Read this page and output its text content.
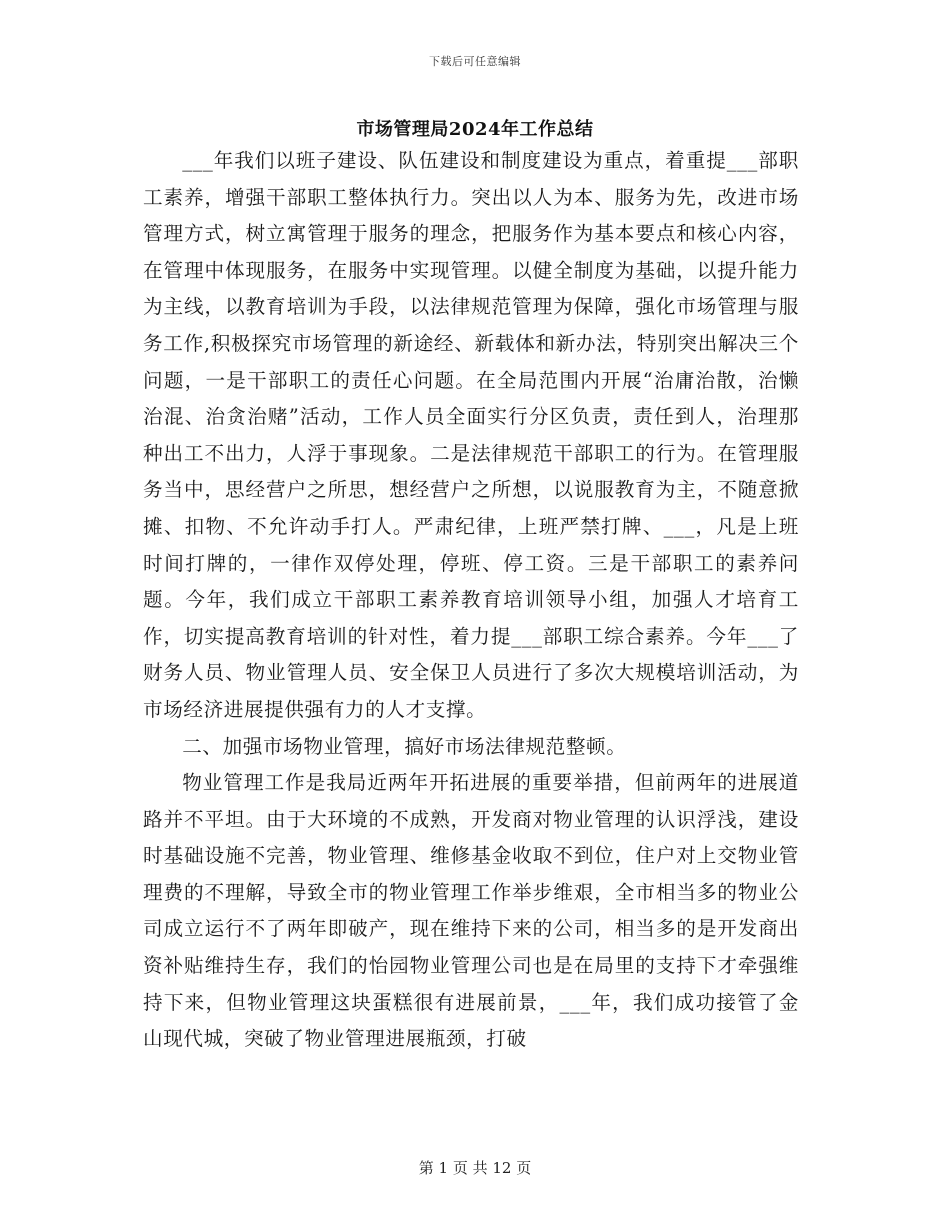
下载后可任意编辑
市场管理局2024年工作总结

___年我们以班子建设、队伍建设和制度建设为重点，着重提___部职工素养，增强干部职工整体执行力。突出以人为本、服务为先，改进市场管理方式，树立寓管理于服务的理念，把服务作为基本要点和核心内容，在管理中体现服务，在服务中实现管理。以健全制度为基础，以提升能力为主线，以教育培训为手段，以法律规范管理为保障，强化市场管理与服务工作,积极探究市场管理的新途经、新载体和新办法，特别突出解决三个问题，一是干部职工的责任心问题。在全局范围内开展“治庸治散，治懒治混、治贪治赌”活动，工作人员全面实行分区负责，责任到人，治理那种出工不出力，人浮于事现象。二是法律规范干部职工的行为。在管理服务当中，思经营户之所思，想经营户之所想，以说服教育为主，不随意掀摊、扣物、不允许动手打人。严肃纪律，上班严禁打牌、___，凡是上班时间打牌的，一律作双停处理，停班、停工资。三是干部职工的素养问题。今年，我们成立干部职工素养教育培训领导小组，加强人才培育工作，切实提高教育培训的针对性，着力提___部职工综合素养。今年___了财务人员、物业管理人员、安全保卫人员进行了多次大规模培训活动，为市场经济进展提供强有力的人才支撑。

二、加强市场物业管理，搞好市场法律规范整顿。

物业管理工作是我局近两年开拓进展的重要举措，但前两年的进展道路并不平坦。由于大环境的不成熟，开发商对物业管理的认识浮浅，建设时基础设施不完善，物业管理、维修基金收取不到位，住户对上交物业管理费的不理解，导致全市的物业管理工作举步维艰，全市相当多的物业公司成立运行不了两年即破产，现在维持下来的公司，相当多的是开发商出资补贴维持生存，我们的怡园物业管理公司也是在局里的支持下才牵强维持下来，但物业管理这块蛋糕很有进展前景，___年，我们成功接管了金山现代城，突破了物业管理进展瓶颈，打破

第 1 页 共 12 页
